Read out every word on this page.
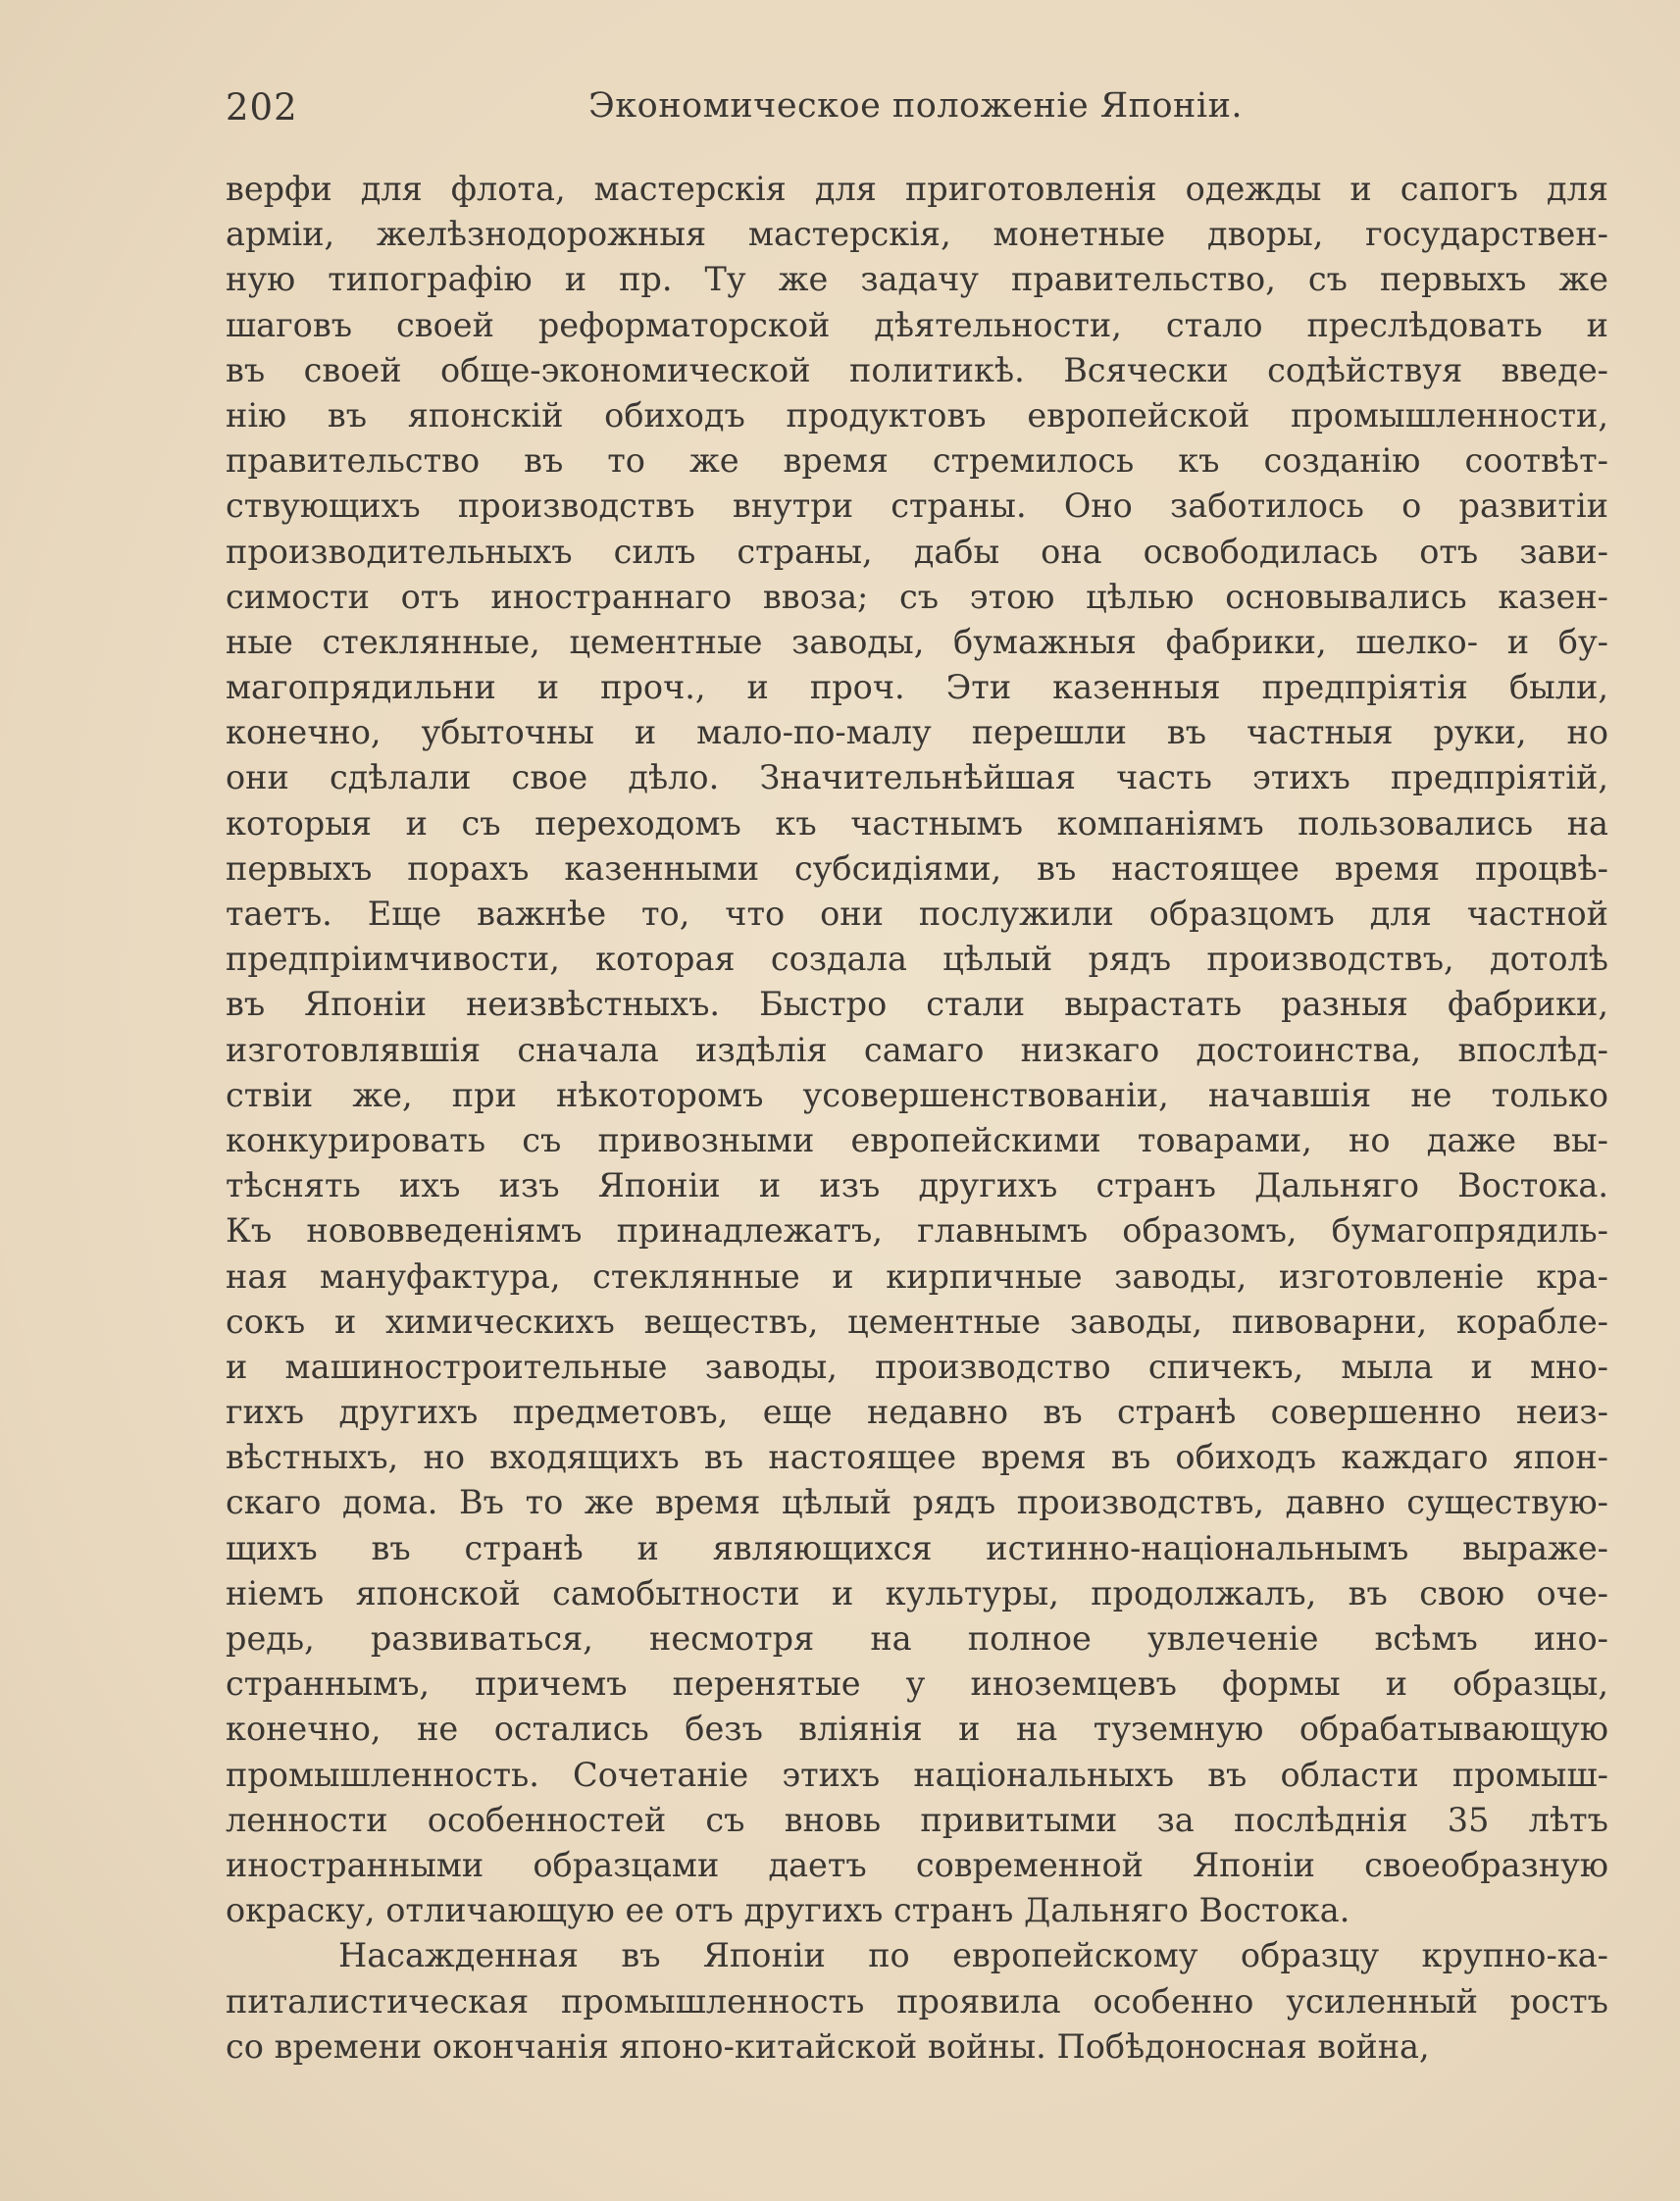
202	Экономическое положеніе Японіи.
верфи для флота, мастерскія для приготовленія одежды и сапогъ для
арміи, желѣзнодорожныя мастерскія, монетные дворы, государствен-
ную типографію и пр. Ту же задачу правительство, съ первыхъ же
шаговъ своей реформаторской дѣятельности, стало преслѣдовать и
въ своей обще-экономической политикѣ. Всячески содѣйствуя введе-
нію въ японскій обиходъ продуктовъ европейской промышленности,
правительство въ то же время стремилось къ созданію соотвѣт-
ствующихъ производствъ внутри страны. Оно заботилось о развитіи
производительныхъ силъ страны, дабы она освободилась отъ зави-
симости отъ иностраннаго ввоза; съ этою цѣлью основывались казен-
ные стеклянные, цементные заводы, бумажныя фабрики, шелко- и бу-
магопрядильни и проч., и проч. Эти казенныя предпріятія были,
конечно, убыточны и мало-по-малу перешли въ частныя руки, но
они сдѣлали свое дѣло. Значительнѣйшая часть этихъ предпріятій,
которыя и съ переходомъ къ частнымъ компаніямъ пользовались на
первыхъ порахъ казенными субсидіями, въ настоящее время процвѣ-
таетъ. Еще важнѣе то, что они послужили образцомъ для частной
предпріимчивости, которая создала цѣлый рядъ производствъ, дотолѣ
въ Японіи неизвѣстныхъ. Быстро стали вырастать разныя фабрики,
изготовлявшія сначала издѣлія самаго низкаго достоинства, впослѣд-
ствіи же, при нѣкоторомъ усовершенствованіи, начавшія не только
конкурировать съ привозными европейскими товарами, но даже вы-
тѣснять ихъ изъ Японіи и изъ другихъ странъ Дальняго Востока.
Къ нововведеніямъ принадлежатъ, главнымъ образомъ, бумагопрядиль-
ная мануфактура, стеклянные и кирпичные заводы, изготовленіе кра-
сокъ и химическихъ веществъ, цементные заводы, пивоварни, корабле-
и машиностроительные заводы, производство спичекъ, мыла и мно-
гихъ другихъ предметовъ, еще недавно въ странѣ совершенно неиз-
вѣстныхъ, но входящихъ въ настоящее время въ обиходъ каждаго япон-
скаго дома. Въ то же время цѣлый рядъ производствъ, давно существую-
щихъ въ странѣ и являющихся истинно-національнымъ выраже-
ніемъ японской самобытности и культуры, продолжалъ, въ свою оче-
редь, развиваться, несмотря на полное увлеченіе всѣмъ ино-
страннымъ, причемъ перенятые у иноземцевъ формы и образцы,
конечно, не остались безъ вліянія и на туземную обрабатывающую
промышленность. Сочетаніе этихъ національныхъ въ области промыш-
ленности особенностей съ вновь привитыми за послѣднія 35 лѣтъ
иностранными образцами даетъ современной Японіи своеобразную
окраску, отличающую ее отъ другихъ странъ Дальняго Востока.
Насажденная въ Японіи по европейскому образцу крупно-ка-
питалистическая промышленность проявила особенно усиленный ростъ
со времени окончанія японо-китайской войны. Побѣдоносная война,
